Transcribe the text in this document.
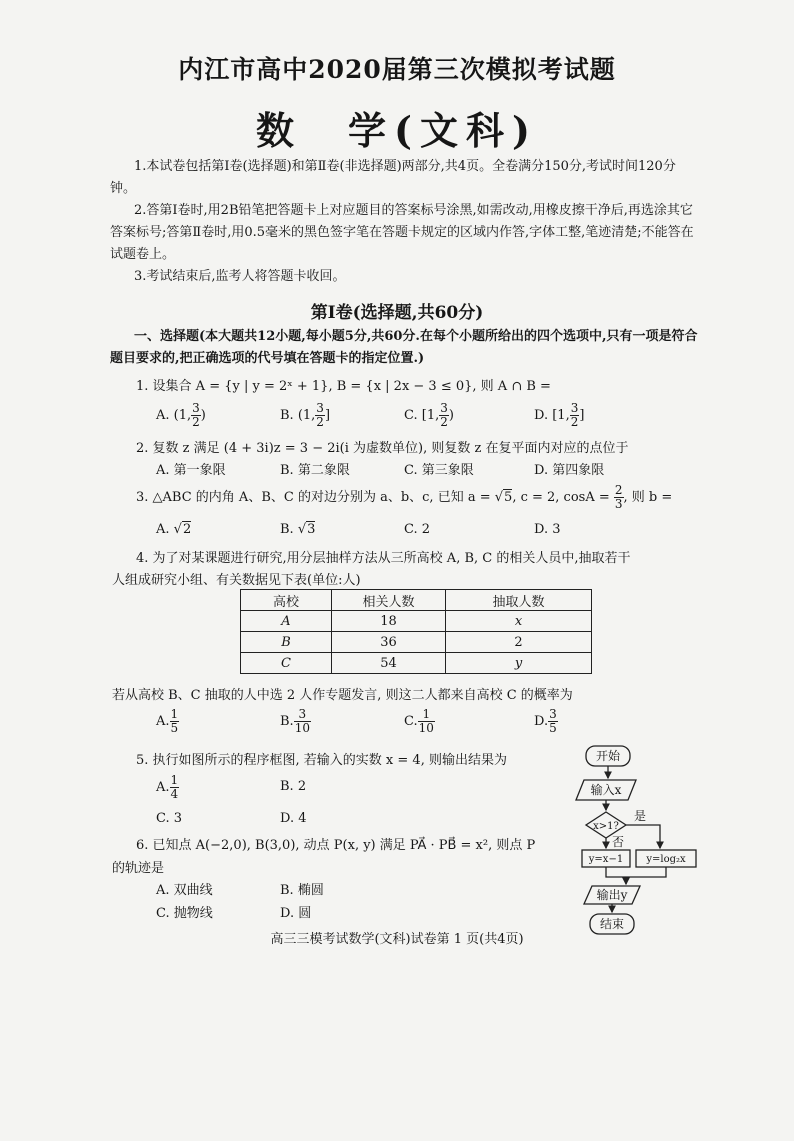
内江市高中2020届第三次模拟考试题
数　学(文科)
1.本试卷包括第Ⅰ卷(选择题)和第Ⅱ卷(非选择题)两部分,共4页。全卷满分150分,考试时间120分钟。
2.答第Ⅰ卷时,用2B铅笔把答题卡上对应题目的答案标号涂黑,如需改动,用橡皮擦干净后,再选涂其它答案标号;答第Ⅱ卷时,用0.5毫米的黑色签字笔在答题卡规定的区域内作答,字体工整,笔迹清楚;不能答在试题卷上。
3.考试结束后,监考人将答题卡收回。
第Ⅰ卷(选择题,共60分)
一、选择题(本大题共12小题,每小题5分,共60分.在每个小题所给出的四个选项中,只有一项是符合题目要求的,把正确选项的代号填在答题卡的指定位置.)
1. 设集合 A = {y | y = 2ˣ + 1}, B = {x | 2x − 3 ≤ 0}, 则 A ∩ B =
A. (1, $\frac{3}{2}$ )	B. (1, $\frac{3}{2}$ ]	C. [1, $\frac{3}{2}$ )	D. [1, $\frac{3}{2}$ ]
2. 复数 z 满足 (4 + 3i)z = 3 − 2i(i 为虚数单位), 则复数 z 在复平面内对应的点位于
A. 第一象限	B. 第二象限	C. 第三象限	D. 第四象限
3. △ABC 的内角 A、B、C 的对边分别为 a、b、c, 已知 a = √5, c = 2, $\cos A = \frac{2}{3}$ , 则 b =
A. √2	B. √3	C. 2	D. 3
4. 为了对某课题进行研究,用分层抽样方法从三所高校 A, B, C 的相关人员中,抽取若干
人组成研究小组、有关数据见下表(单位:人)
高校	相关人数	抽取人数
A	18	x
B	36	2
C	54	y
若从高校 B、C 抽取的人中选 2 人作专题发言, 则这二人都来自高校 C 的概率为
A. $\frac{1}{5}$	B. $\frac{3}{10}$	C. $\frac{1}{10}$	D. $\frac{3}{5}$
5. 执行如图所示的程序框图, 若输入的实数 x = 4, 则输出结果为
A. $\frac{1}{4}$	B. 2
C. 3	D. 4
6. 已知点 A(−2,0), B(3,0), 动点 P(x, y) 满足 PA⃗ · PB⃗ = x², 则点 P
的轨迹是
A. 双曲线	B. 椭圆
C. 抛物线	D. 圆
开始
输入x
x>1?
是
否
y=x−1 y=log₂x
输出y
结束
高三三模考试数学(文科)试卷第 1 页(共4页)
